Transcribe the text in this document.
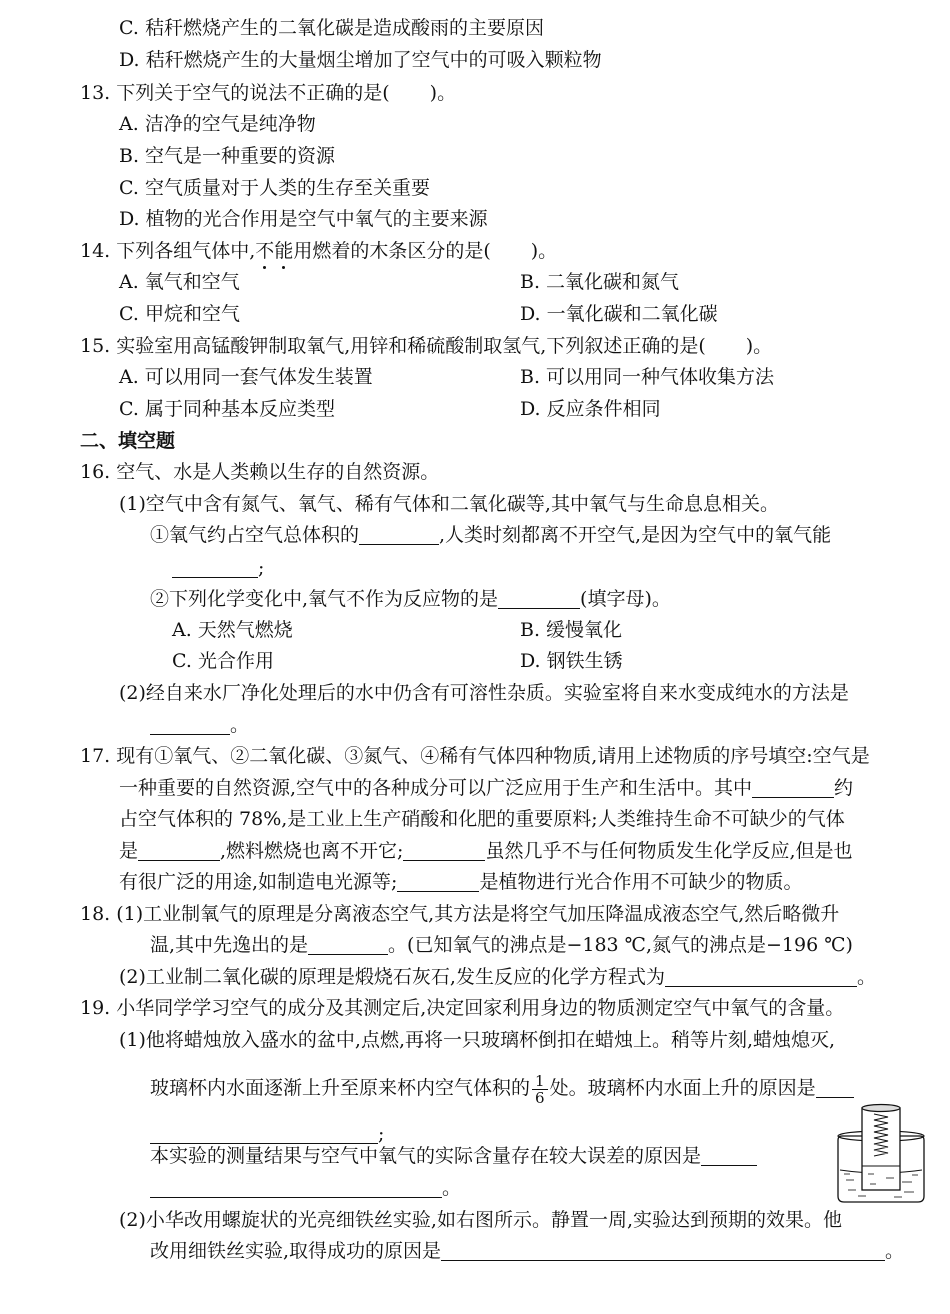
C. 秸秆燃烧产生的二氧化碳是造成酸雨的主要原因
D. 秸秆燃烧产生的大量烟尘增加了空气中的可吸入颗粒物
13. 下列关于空气的说法不正确的是( )。
A. 洁净的空气是纯净物
B. 空气是一种重要的资源
C. 空气质量对于人类的生存至关重要
D. 植物的光合作用是空气中氧气的主要来源
14. 下列各组气体中,不能用燃着的木条区分的是( )。
A. 氧气和空气	B. 二氧化碳和氮气
C. 甲烷和空气	D. 一氧化碳和二氧化碳
15. 实验室用高锰酸钾制取氧气,用锌和稀硫酸制取氢气,下列叙述正确的是( )。
A. 可以用同一套气体发生装置	B. 可以用同一种气体收集方法
C. 属于同种基本反应类型	D. 反应条件相同
二、填空题
16. 空气、水是人类赖以生存的自然资源。
(1)空气中含有氮气、氧气、稀有气体和二氧化碳等,其中氧气与生命息息相关。
①氧气约占空气总体积的	,人类时刻都离不开空气,是因为空气中的氧气能
;
②下列化学变化中,氧气不作为反应物的是	(填字母)。
A. 天然气燃烧	B. 缓慢氧化
C. 光合作用	D. 钢铁生锈
(2)经自来水厂净化处理后的水中仍含有可溶性杂质。实验室将自来水变成纯水的方法是
。
17. 现有①氧气、②二氧化碳、③氮气、④稀有气体四种物质,请用上述物质的序号填空:空气是
一种重要的自然资源,空气中的各种成分可以广泛应用于生产和生活中。其中	约
占空气体积的 78%,是工业上生产硝酸和化肥的重要原料;人类维持生命不可缺少的气体
是	,燃料燃烧也离不开它;	虽然几乎不与任何物质发生化学反应,但是也
有很广泛的用途,如制造电光源等;	是植物进行光合作用不可缺少的物质。
18. (1)工业制氧气的原理是分离液态空气,其方法是将空气加压降温成液态空气,然后略微升
温,其中先逸出的是	。(已知氧气的沸点是−183 ℃,氮气的沸点是−196 ℃)
(2)工业制二氧化碳的原理是煅烧石灰石,发生反应的化学方程式为	。
19. 小华同学学习空气的成分及其测定后,决定回家利用身边的物质测定空气中氧气的含量。
(1)他将蜡烛放入盛水的盆中,点燃,再将一只玻璃杯倒扣在蜡烛上。稍等片刻,蜡烛熄灭,
玻璃杯内水面逐渐上升至原来杯内空气体积的 $\frac{1}{6}$ 处。玻璃杯内水面上升的原因是
;
本实验的测量结果与空气中氧气的实际含量存在较大误差的原因是
。
(2)小华改用螺旋状的光亮细铁丝实验,如右图所示。静置一周,实验达到预期的效果。他
改用细铁丝实验,取得成功的原因是	。
